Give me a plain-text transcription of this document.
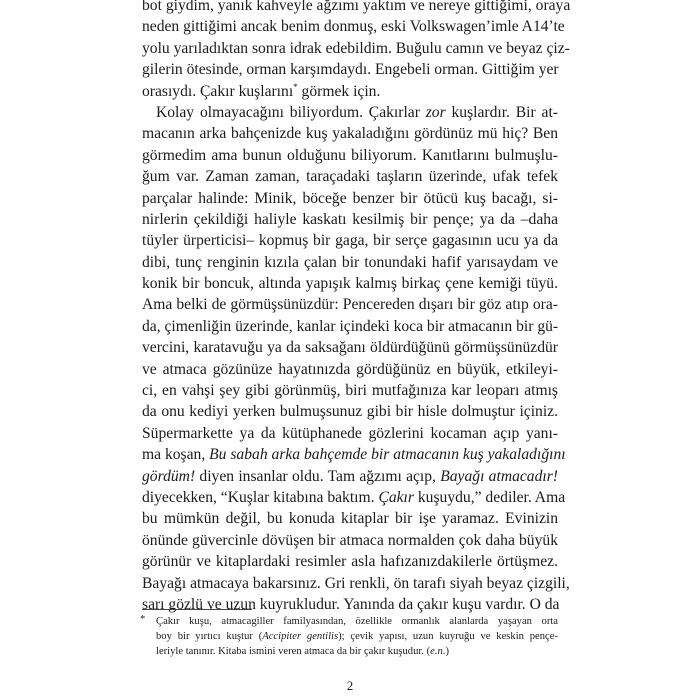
bot giydim, yanık kahveyle ağzımı yaktım ve nereye gittiğimi, oraya
neden gittiğimi ancak benim donmuş, eski Volkswagen’imle A14’te
yolu yarıladıktan sonra idrak edebildim. Buğulu camın ve beyaz çiz-
gilerin ötesinde, orman karşımdaydı. Engebeli orman. Gittiğim yer
orasıydı. Çakır kuşlarını* görmek için.
Kolay olmayacağını biliyordum. Çakırlar zor kuşlardır. Bir at-
macanın arka bahçenizde kuş yakaladığını gördünüz mü hiç? Ben
görmedim ama bunun olduğunu biliyorum. Kanıtlarını bulmuşlu-
ğum var. Zaman zaman, taraçadaki taşların üzerinde, ufak tefek
parçalar halinde: Minik, böceğe benzer bir ötücü kuş bacağı, si-
nirlerin çekildiği haliyle kaskatı kesilmiş bir pençe; ya da –daha
tüyler ürperticisi– kopmuş bir gaga, bir serçe gagasının ucu ya da
dibi, tunç renginin kızıla çalan bir tonundaki hafif yarısaydam ve
konik bir boncuk, altında yapışık kalmış birkaç çene kemiği tüyü.
Ama belki de görmüşsünüzdür: Pencereden dışarı bir göz atıp ora-
da, çimenliğin üzerinde, kanlar içindeki koca bir atmacanın bir gü-
vercini, karatavuğu ya da saksağanı öldürdüğünü görmüşsünüzdür
ve atmaca gözünüze hayatınızda gördüğünüz en büyük, etkileyi-
ci, en vahşi şey gibi görünmüş, biri mutfağınıza kar leoparı atmış
da onu kediyi yerken bulmuşsunuz gibi bir hisle dolmuştur içiniz.
Süpermarkette ya da kütüphanede gözlerini kocaman açıp yanı-
ma koşan, Bu sabah arka bahçemde bir atmacanın kuş yakaladığını
gördüm! diyen insanlar oldu. Tam ağzımı açıp, Bayağı atmacadır!
diyecekken, “Kuşlar kitabına baktım. Çakır kuşuydu,” dediler. Ama
bu mümkün değil, bu konuda kitaplar bir işe yaramaz. Evinizin
önünde güvercinle dövüşen bir atmaca normalden çok daha büyük
görünür ve kitaplardaki resimler asla hafızanızdakilerle örtüşmez.
Bayağı atmacaya bakarsınız. Gri renkli, ön tarafı siyah beyaz çizgili,
sarı gözlü ve uzun kuyrukludur. Yanında da çakır kuşu vardır. O da
*	Çakır kuşu, atmacagiller familyasından, özellikle ormanlık alanlarda yaşayan orta
boy bir yırtıcı kuştur (Accipiter gentilis); çevik yapısı, uzun kuyruğu ve keskin pençe-
leriyle tanınır. Kitaba ismini veren atmaca da bir çakır kuşudur. (e.n.)
2
